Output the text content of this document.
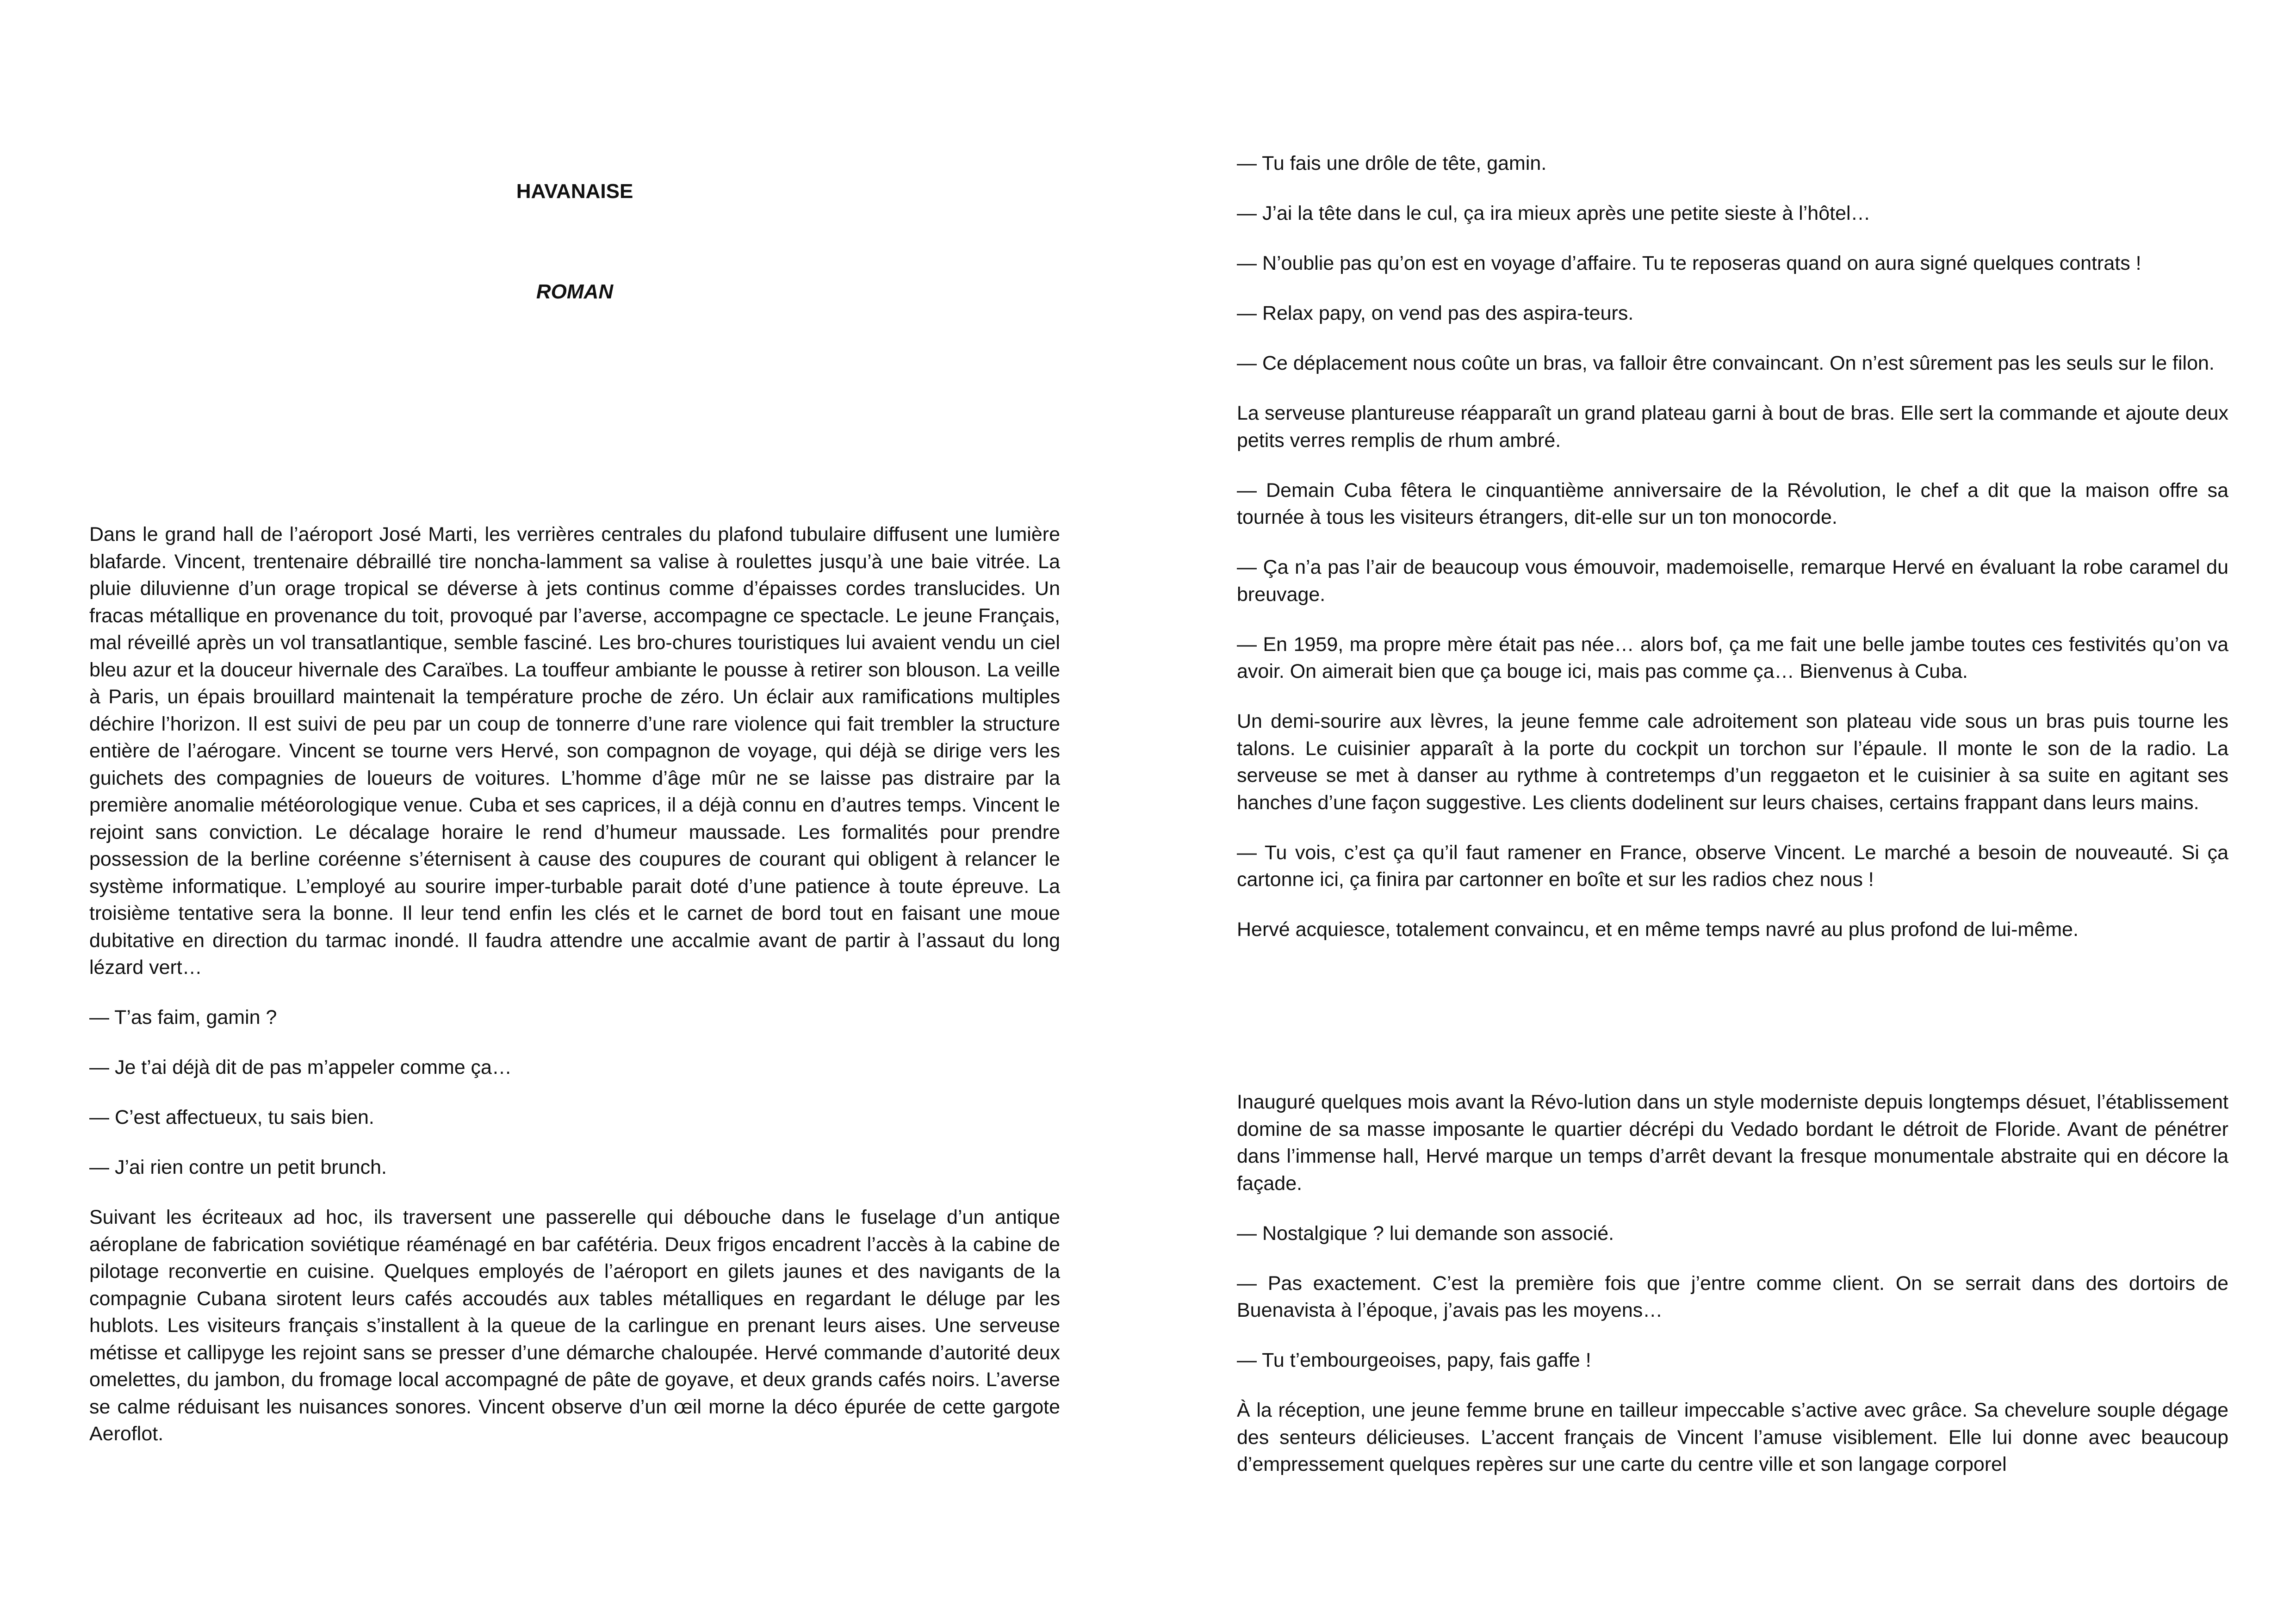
HAVANAISE
ROMAN

Dans le grand hall de l’aéroport José Marti, les verrières centrales du plafond tubulaire diffusent une lumière blafarde. Vincent, trentenaire débraillé tire noncha-lamment sa valise à roulettes jusqu’à une baie vitrée. La pluie diluvienne d’un orage tropical se déverse à jets continus comme d’épaisses cordes translucides. Un fracas métallique en provenance du toit, provoqué par l’averse, accompagne ce spectacle. Le jeune Français, mal réveillé après un vol transatlantique, semble fasciné. Les bro-chures touristiques lui avaient vendu un ciel bleu azur et la douceur hivernale des Caraïbes. La touffeur ambiante le pousse à retirer son blouson. La veille à Paris, un épais brouillard maintenait la température proche de zéro. Un éclair aux ramifications multiples déchire l’horizon. Il est suivi de peu par un coup de tonnerre d’une rare violence qui fait trembler la structure entière de l’aérogare. Vincent se tourne vers Hervé, son compagnon de voyage, qui déjà se dirige vers les guichets des compagnies de loueurs de voitures. L’homme d’âge mûr ne se laisse pas distraire par la première anomalie météorologique venue. Cuba et ses caprices, il a déjà connu en d’autres temps. Vincent le rejoint sans conviction. Le décalage horaire le rend d’humeur maussade. Les formalités pour prendre possession de la berline coréenne s’éternisent à cause des coupures de courant qui obligent à relancer le système informatique. L’employé au sourire imper-turbable parait doté d’une patience à toute épreuve. La troisième tentative sera la bonne. Il leur tend enfin les clés et le carnet de bord tout en faisant une moue dubitative en direction du tarmac inondé. Il faudra attendre une accalmie avant de partir à l’assaut du long lézard vert…

— T’as faim, gamin ?

— Je t’ai déjà dit de pas m’appeler comme ça…

— C’est affectueux, tu sais bien.

— J’ai rien contre un petit brunch.

Suivant les écriteaux ad hoc, ils traversent une passerelle qui débouche dans le fuselage d’un antique aéroplane de fabrication soviétique réaménagé en bar cafétéria. Deux frigos encadrent l’accès à la cabine de pilotage reconvertie en cuisine. Quelques employés de l’aéroport en gilets jaunes et des navigants de la compagnie Cubana sirotent leurs cafés accoudés aux tables métalliques en regardant le déluge par les hublots. Les visiteurs français s’installent à la queue de la carlingue en prenant leurs aises. Une serveuse métisse et callipyge les rejoint sans se presser d’une démarche chaloupée. Hervé commande d’autorité deux omelettes, du jambon, du fromage local accompagné de pâte de goyave, et deux grands cafés noirs. L’averse se calme réduisant les nuisances sonores. Vincent observe d’un œil morne la déco épurée de cette gargote Aeroflot.

— Tu fais une drôle de tête, gamin.

— J’ai la tête dans le cul, ça ira mieux après une petite sieste à l’hôtel…

— N’oublie pas qu’on est en voyage d’affaire. Tu te reposeras quand on aura signé quelques contrats !

— Relax papy, on vend pas des aspira-teurs.

— Ce déplacement nous coûte un bras, va falloir être convaincant. On n’est sûrement pas les seuls sur le filon.

La serveuse plantureuse réapparaît un grand plateau garni à bout de bras. Elle sert la commande et ajoute deux petits verres remplis de rhum ambré.

— Demain Cuba fêtera le cinquantième anniversaire de la Révolution, le chef a dit que la maison offre sa tournée à tous les visiteurs étrangers, dit-elle sur un ton monocorde.

— Ça n’a pas l’air de beaucoup vous émouvoir, mademoiselle, remarque Hervé en évaluant la robe caramel du breuvage.

— En 1959, ma propre mère était pas née… alors bof, ça me fait une belle jambe toutes ces festivités qu’on va avoir. On aimerait bien que ça bouge ici, mais pas comme ça… Bienvenus à Cuba.

Un demi-sourire aux lèvres, la jeune femme cale adroitement son plateau vide sous un bras puis tourne les talons. Le cuisinier apparaît à la porte du cockpit un torchon sur l’épaule. Il monte le son de la radio. La serveuse se met à danser au rythme à contretemps d’un reggaeton et le cuisinier à sa suite en agitant ses hanches d’une façon suggestive. Les clients dodelinent sur leurs chaises, certains frappant dans leurs mains.

— Tu vois, c’est ça qu’il faut ramener en France, observe Vincent. Le marché a besoin de nouveauté. Si ça cartonne ici, ça finira par cartonner en boîte et sur les radios chez nous !

Hervé acquiesce, totalement convaincu, et en même temps navré au plus profond de lui-même.

Inauguré quelques mois avant la Révo-lution dans un style moderniste depuis longtemps désuet, l’établissement domine de sa masse imposante le quartier décrépi du Vedado bordant le détroit de Floride. Avant de pénétrer dans l’immense hall, Hervé marque un temps d’arrêt devant la fresque monumentale abstraite qui en décore la façade.

— Nostalgique ? lui demande son associé.

— Pas exactement. C’est la première fois que j’entre comme client. On se serrait dans des dortoirs de Buenavista à l’époque, j’avais pas les moyens…

— Tu t’embourgeoises, papy, fais gaffe !

À la réception, une jeune femme brune en tailleur impeccable s’active avec grâce. Sa chevelure souple dégage des senteurs délicieuses. L’accent français de Vincent l’amuse visiblement. Elle lui donne avec beaucoup d’empressement quelques repères sur une carte du centre ville et son langage corporel
